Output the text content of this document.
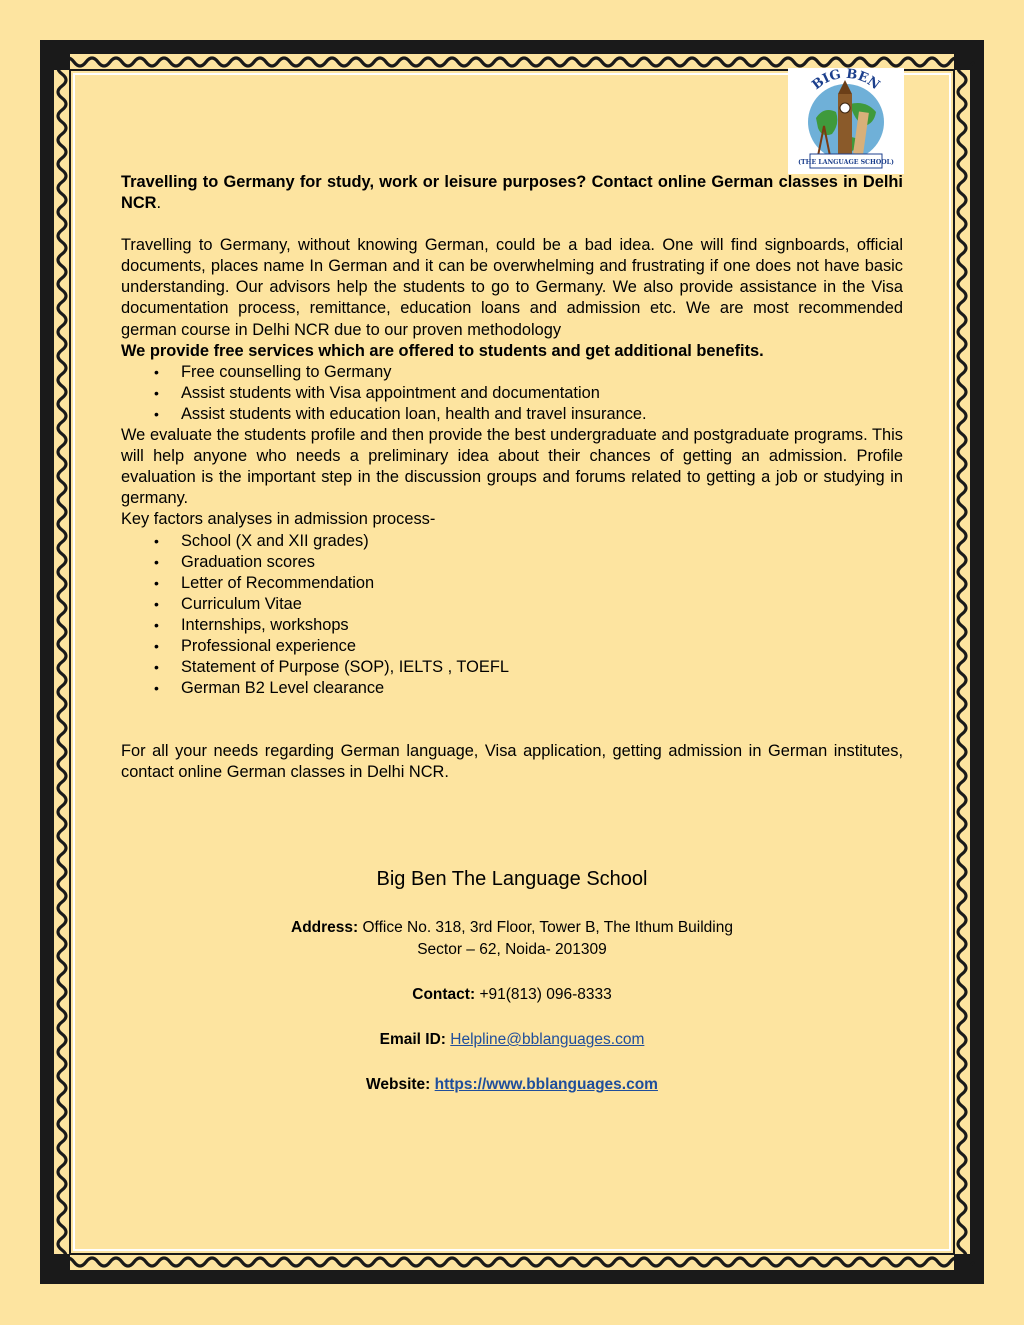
BIG BEN
(THE LANGUAGE SCHOOL)

Travelling to Germany for study, work or leisure purposes? Contact online German classes in Delhi NCR.

Travelling to Germany, without knowing German, could be a bad idea. One will find signboards, official documents, places name In German and it can be overwhelming and frustrating if one does not have basic understanding. Our advisors help the students to go to Germany. We also provide assistance in the Visa documentation process, remittance, education loans and admission etc. We are most recommended german course in Delhi NCR due to our proven methodology

We provide free services which are offered to students and get additional benefits.

• Free counselling to Germany
• Assist students with Visa appointment and documentation
• Assist students with education loan, health and travel insurance.

We evaluate the students profile and then provide the best undergraduate and postgraduate programs. This will help anyone who needs a preliminary idea about their chances of getting an admission. Profile evaluation is the important step in the discussion groups and forums related to getting a job or studying in germany.

Key factors analyses in admission process-

• School (X and XII grades)
• Graduation scores
• Letter of Recommendation
• Curriculum Vitae
• Internships, workshops
• Professional experience
• Statement of Purpose (SOP), IELTS , TOEFL
• German B2 Level clearance

For all your needs regarding German language, Visa application, getting admission in German institutes, contact online German classes in Delhi NCR.

Big Ben The Language School
Address: Office No. 318, 3rd Floor, Tower B, The Ithum Building
Sector – 62, Noida- 201309
Contact: +91(813) 096-8333
Email ID: Helpline@bblanguages.com
Website: https://www.bblanguages.com
